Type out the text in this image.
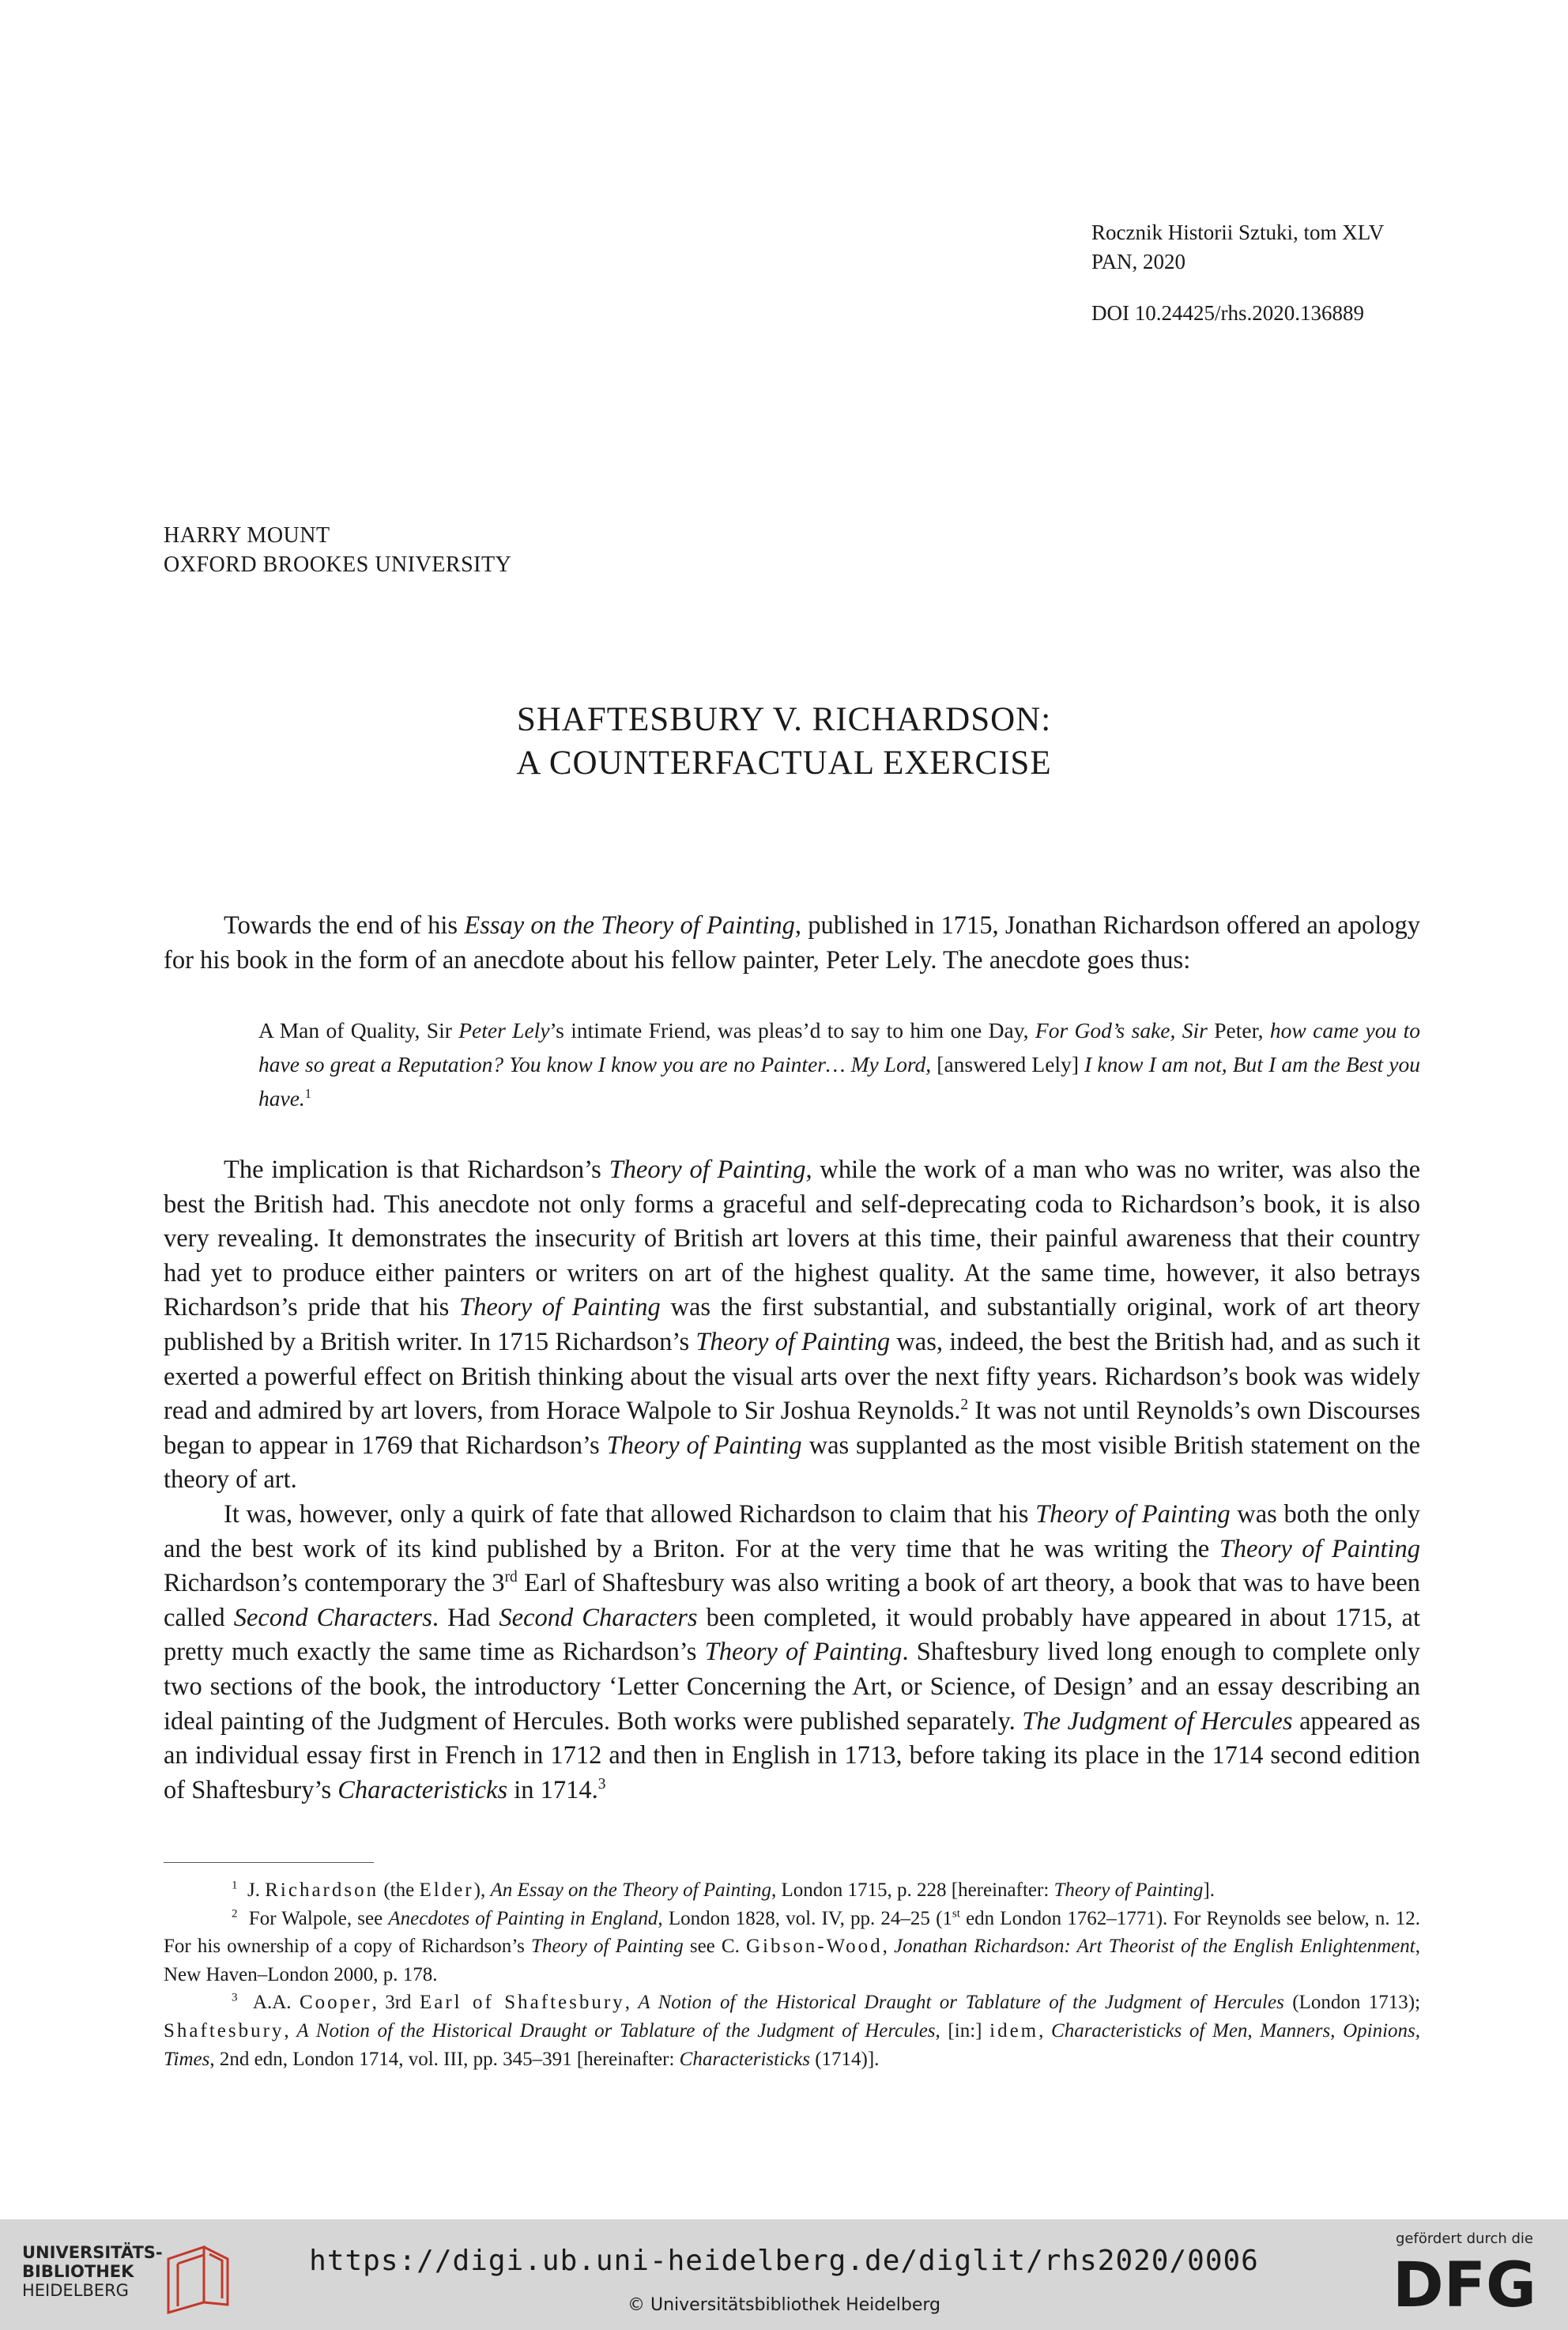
Rocznik Historii Sztuki, tom XLV
PAN, 2020
DOI 10.24425/rhs.2020.136889
HARRY MOUNT
OXFORD BROOKES UNIVERSITY
SHAFTESBURY V. RICHARDSON:
A COUNTERFACTUAL EXERCISE

Towards the end of his Essay on the Theory of Painting, published in 1715, Jonathan Richardson offered an apology for his book in the form of an anecdote about his fellow painter, Peter Lely. The anecdote goes thus:

A Man of Quality, Sir Peter Lely’s intimate Friend, was pleas’d to say to him one Day, For God’s sake, Sir Peter, how came you to have so great a Reputation? You know I know you are no Painter… My Lord, [answered Lely] I know I am not, But I am the Best you have.$^1$

The implication is that Richardson’s Theory of Painting, while the work of a man who was no writer, was also the best the British had. This anecdote not only forms a graceful and self-deprecating coda to Richardson’s book, it is also very revealing. It demonstrates the insecurity of British art lovers at this time, their painful awareness that their country had yet to produce either painters or writers on art of the highest quality. At the same time, however, it also betrays Richardson’s pride that his Theory of Painting was the first substantial, and substantially original, work of art theory published by a British writer. In 1715 Richardson’s Theory of Painting was, indeed, the best the British had, and as such it exerted a powerful effect on British thinking about the visual arts over the next fifty years. Richardson’s book was widely read and admired by art lovers, from Horace Walpole to Sir Joshua Reynolds.$^2$ It was not until Reynolds’s own Discourses began to appear in 1769 that Richardson’s Theory of Painting was supplanted as the most visible British statement on the theory of art.

It was, however, only a quirk of fate that allowed Richardson to claim that his Theory of Painting was both the only and the best work of its kind published by a Briton. For at the very time that he was writing the Theory of Painting Richardson’s contemporary the 3rd Earl of Shaftesbury was also writing a book of art theory, a book that was to have been called Second Characters. Had Second Characters been completed, it would probably have appeared in about 1715, at pretty much exactly the same time as Richardson’s Theory of Painting. Shaftesbury lived long enough to complete only two sections of the book, the introductory ‘Letter Concerning the Art, or Science, of Design’ and an essay describing an ideal painting of the Judgment of Hercules. Both works were published separately. The Judgment of Hercules appeared as an individual essay first in French in 1712 and then in English in 1713, before taking its place in the 1714 second edition of Shaftesbury’s Characteristicks in 1714.$^3$

$^1$  J. Richardson (the Elder), An Essay on the Theory of Painting, London 1715, p. 228 [hereinafter: Theory of Painting].

$^2$  For Walpole, see Anecdotes of Painting in England, London 1828, vol. IV, pp. 24–25 (1st edn London 1762–1771). For Reynolds see below, n. 12. For his ownership of a copy of Richardson’s Theory of Painting see C. Gibson-Wood, Jonathan Richardson: Art Theorist of the English Enlightenment, New Haven–London 2000, p. 178.

$^3$  A.A. Cooper, 3rd Earl of Shaftesbury, A Notion of the Historical Draught or Tablature of the Judgment of Hercules (London 1713); Shaftesbury, A Notion of the Historical Draught or Tablature of the Judgment of Hercules, [in:] idem, Characteristicks of Men, Manners, Opinions, Times, 2nd edn, London 1714, vol. III, pp. 345–391 [hereinafter: Characteristicks (1714)].

UNIVERSITÄTS-
BIBLIOTHEK
HEIDELBERG
https://digi.ub.uni-heidelberg.de/diglit/rhs2020/0006
© Universitätsbibliothek Heidelberg
gefördert durch die
DFG
